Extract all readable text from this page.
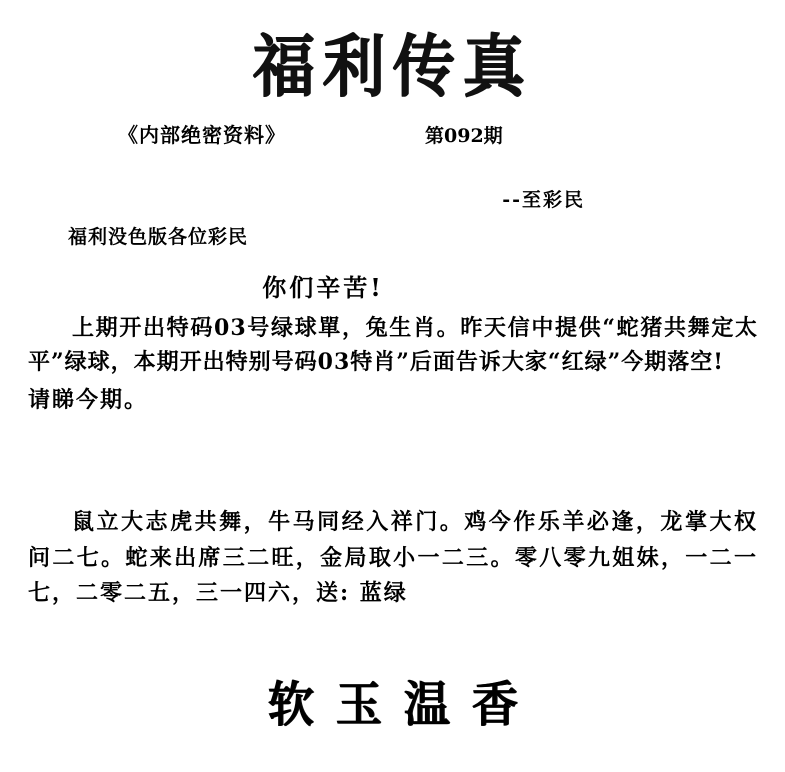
福利传真
《内部绝密资料》	第092期
--至彩民
福利没色版各位彩民
你们辛苦!

上期开出特码03号绿球單，兔生肖。昨天信中提供“蛇猪共舞定太平”绿球，本期开出特别号码03特肖”后面告诉大家“红绿”今期落空!

请睇今期。

鼠立大志虎共舞，牛马同经入祥门。鸡今作乐羊必逢，龙掌大权问二七。蛇来出席三二旺，金局取小一二三。零八零九姐妹，一二一七，二零二五，三一四六，送: 蓝绿

软玉温香
